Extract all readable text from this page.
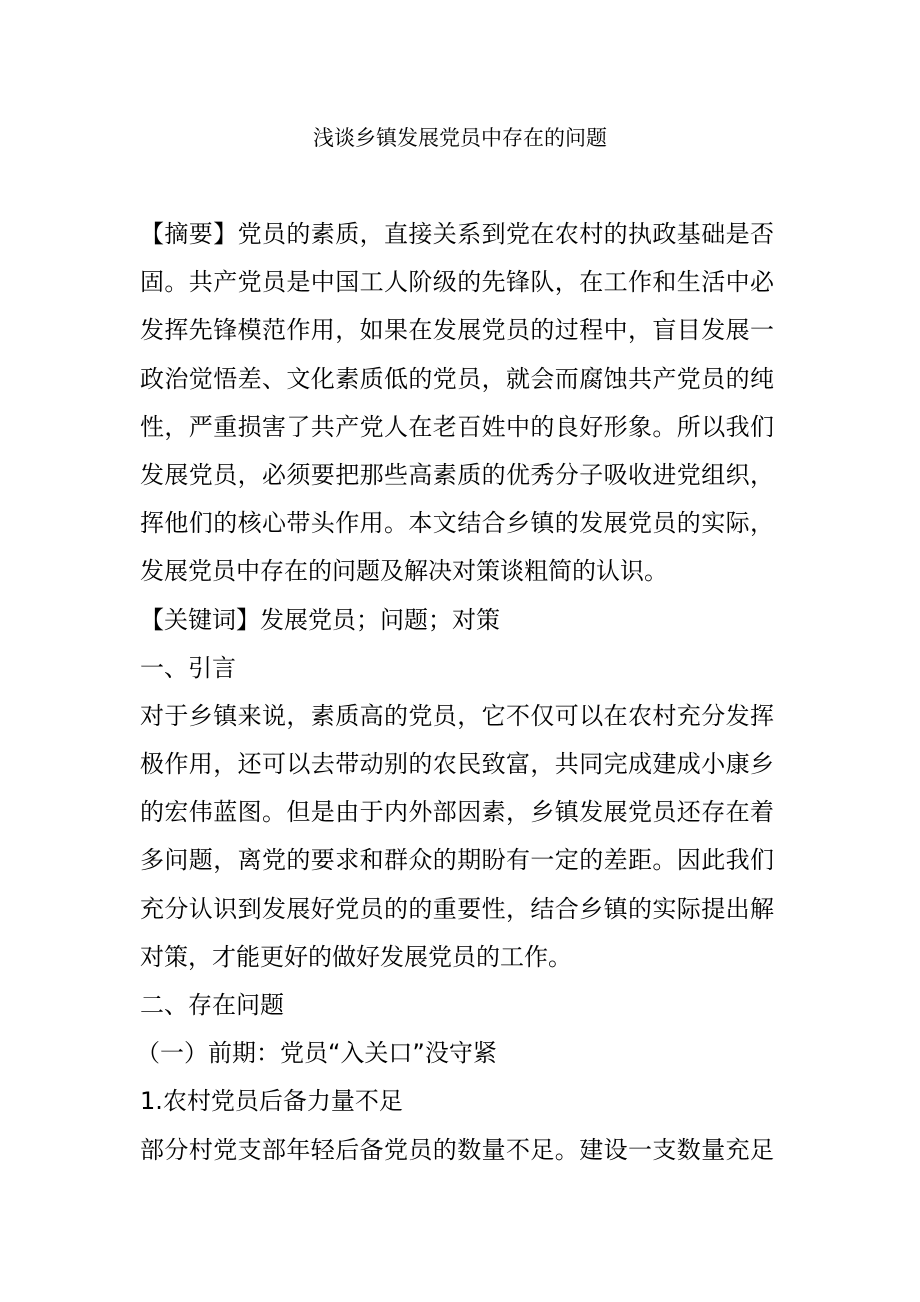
浅谈乡镇发展党员中存在的问题
【摘要】党员的素质，直接关系到党在农村的执政基础是否
固。共产党员是中国工人阶级的先锋队，在工作和生活中必
发挥先锋模范作用，如果在发展党员的过程中，盲目发展一
政治觉悟差、文化素质低的党员，就会而腐蚀共产党员的纯
性，严重损害了共产党人在老百姓中的良好形象。所以我们
发展党员，必须要把那些高素质的优秀分子吸收进党组织，
挥他们的核心带头作用。本文结合乡镇的发展党员的实际，
发展党员中存在的问题及解决对策谈粗简的认识。
【关键词】发展党员；问题；对策
一、引言
对于乡镇来说，素质高的党员，它不仅可以在农村充分发挥
极作用，还可以去带动别的农民致富，共同完成建成小康乡
的宏伟蓝图。但是由于内外部因素，乡镇发展党员还存在着
多问题，离党的要求和群众的期盼有一定的差距。因此我们
充分认识到发展好党员的的重要性，结合乡镇的实际提出解
对策，才能更好的做好发展党员的工作。
二、存在问题
（一）前期：党员“入关口”没守紧
1.农村党员后备力量不足
部分村党支部年轻后备党员的数量不足。建设一支数量充足
